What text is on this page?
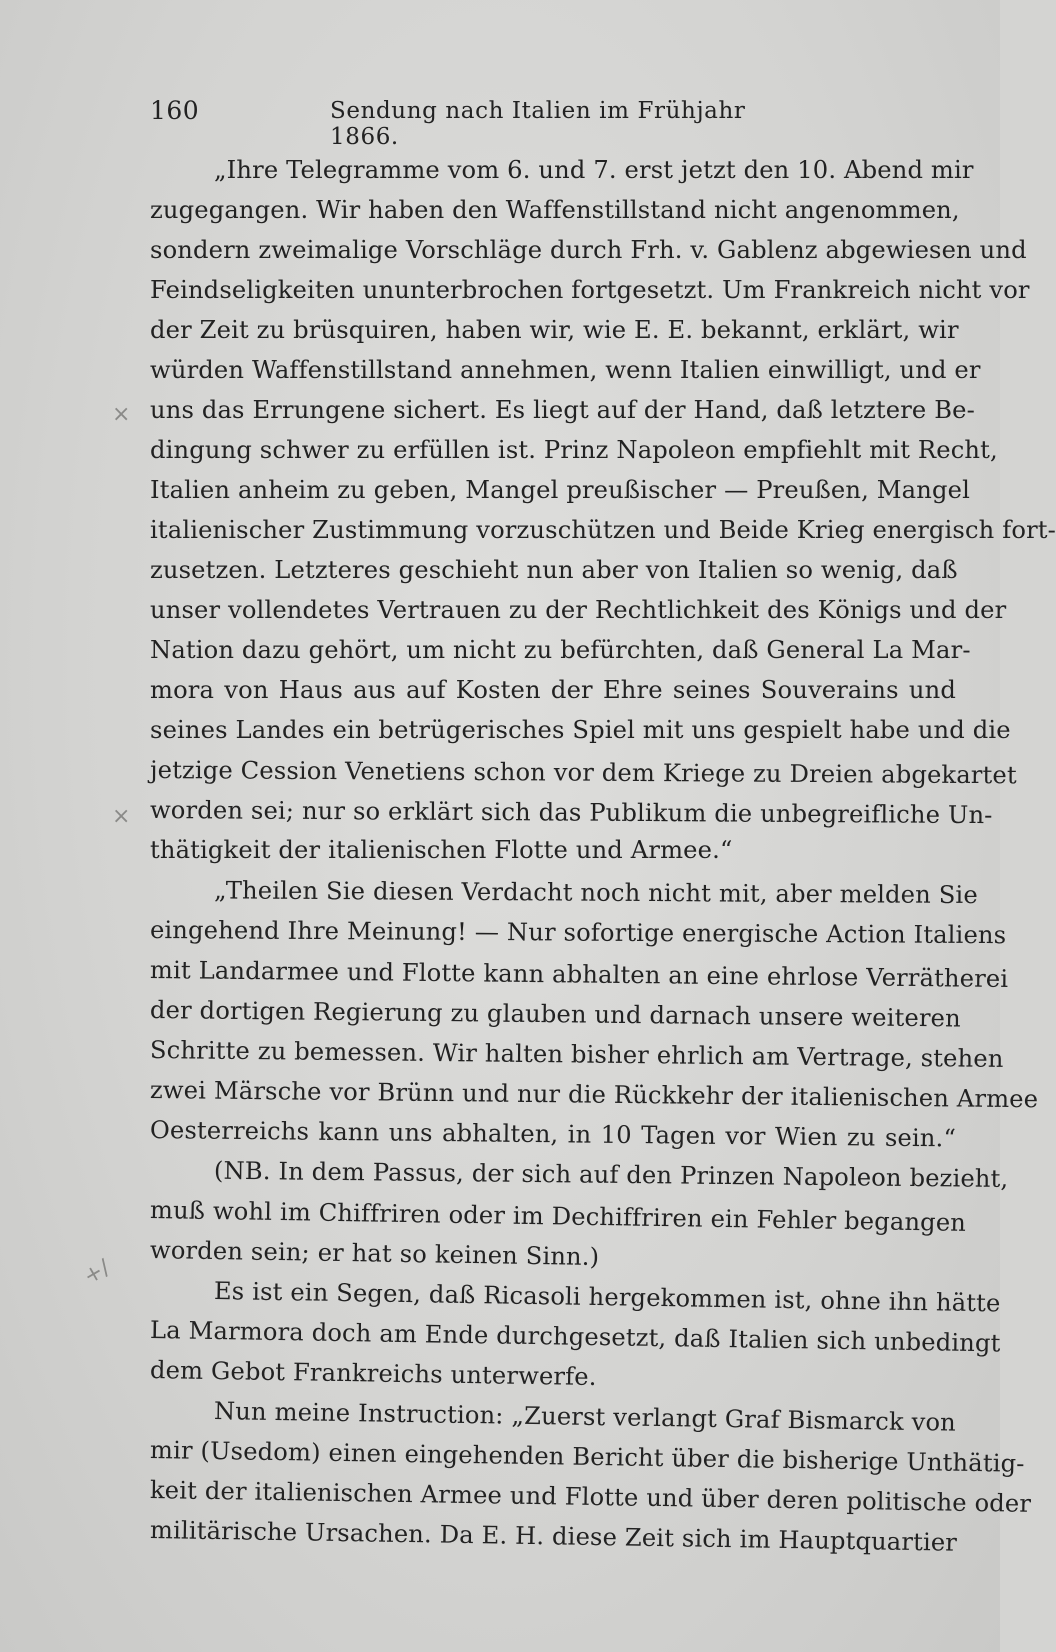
160	Sendung nach Italien im Frühjahr 1866.
×
×
+/
„Ihre Telegramme vom 6. und 7. erst jetzt den 10. Abend mir
zugegangen. Wir haben den Waffenstillstand nicht angenommen,
sondern zweimalige Vorschläge durch Frh. v. Gablenz abgewiesen und
Feindseligkeiten ununterbrochen fortgesetzt. Um Frankreich nicht vor
der Zeit zu brüsquiren, haben wir, wie E. E. bekannt, erklärt, wir
würden Waffenstillstand annehmen, wenn Italien einwilligt, und er
uns das Errungene sichert. Es liegt auf der Hand, daß letztere Be-
dingung schwer zu erfüllen ist. Prinz Napoleon empfiehlt mit Recht,
Italien anheim zu geben, Mangel preußischer — Preußen, Mangel
italienischer Zustimmung vorzuschützen und Beide Krieg energisch fort-
zusetzen. Letzteres geschieht nun aber von Italien so wenig, daß
unser vollendetes Vertrauen zu der Rechtlichkeit des Königs und der
Nation dazu gehört, um nicht zu befürchten, daß General La Mar-
mora von Haus aus auf Kosten der Ehre seines Souverains und
seines Landes ein betrügerisches Spiel mit uns gespielt habe und die
jetzige Cession Venetiens schon vor dem Kriege zu Dreien abgekartet
worden sei; nur so erklärt sich das Publikum die unbegreifliche Un-
thätigkeit der italienischen Flotte und Armee.“
„Theilen Sie diesen Verdacht noch nicht mit, aber melden Sie
eingehend Ihre Meinung! — Nur sofortige energische Action Italiens
mit Landarmee und Flotte kann abhalten an eine ehrlose Verrätherei
der dortigen Regierung zu glauben und darnach unsere weiteren
Schritte zu bemessen. Wir halten bisher ehrlich am Vertrage, stehen
zwei Märsche vor Brünn und nur die Rückkehr der italienischen Armee
Oesterreichs kann uns abhalten, in 10 Tagen vor Wien zu sein.“
(NB. In dem Passus, der sich auf den Prinzen Napoleon bezieht,
muß wohl im Chiffriren oder im Dechiffriren ein Fehler begangen
worden sein; er hat so keinen Sinn.)
Es ist ein Segen, daß Ricasoli hergekommen ist, ohne ihn hätte
La Marmora doch am Ende durchgesetzt, daß Italien sich unbedingt
dem Gebot Frankreichs unterwerfe.
Nun meine Instruction: „Zuerst verlangt Graf Bismarck von
mir (Usedom) einen eingehenden Bericht über die bisherige Unthätig-
keit der italienischen Armee und Flotte und über deren politische oder
militärische Ursachen. Da E. H. diese Zeit sich im Hauptquartier
